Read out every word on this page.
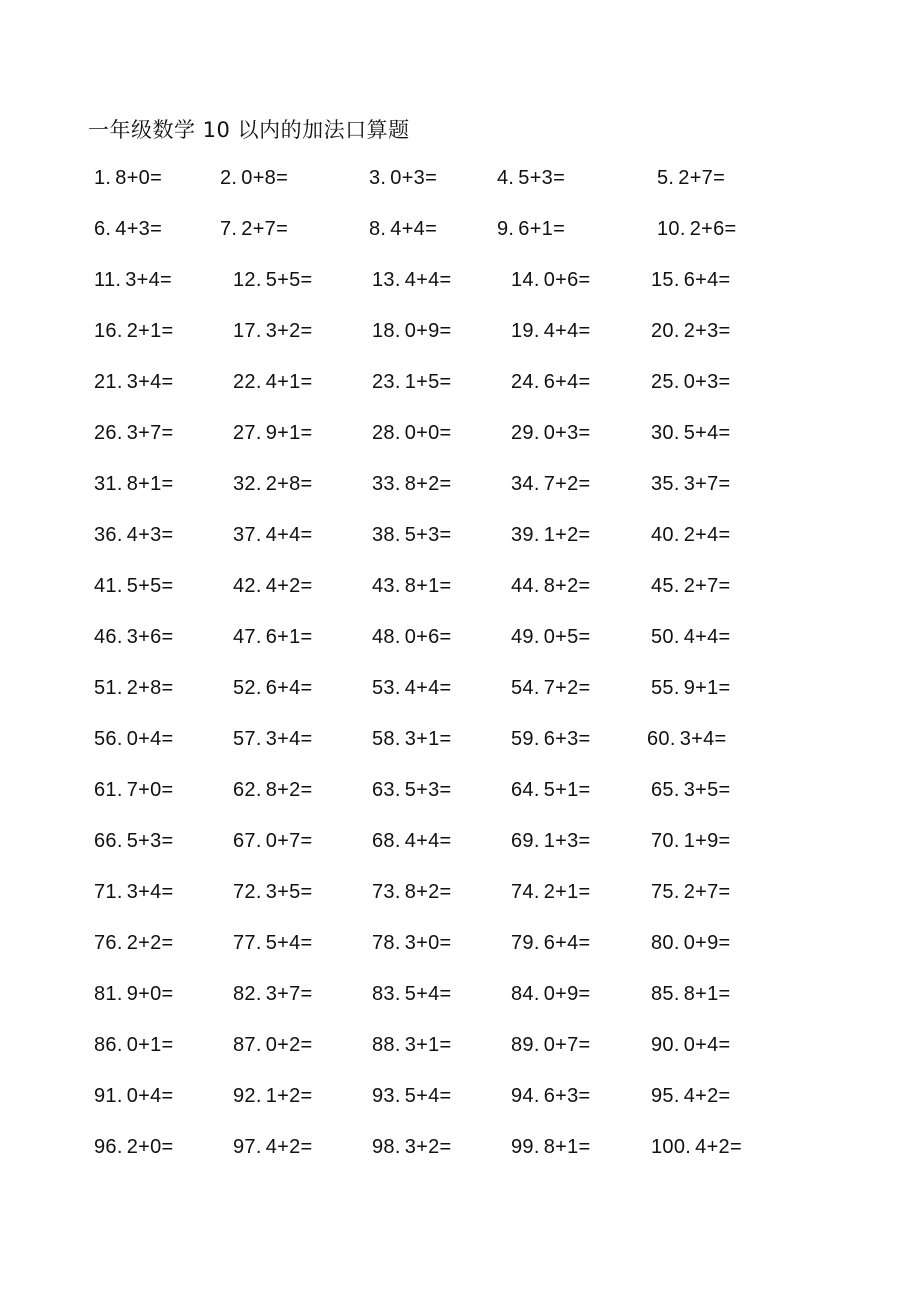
一年级数学 10 以内的加法口算题
1. 8+0=	2. 0+8=	3. 0+3=	4. 5+3=	5. 2+7=
6. 4+3=	7. 2+7=	8. 4+4=	9. 6+1=	10. 2+6=
11. 3+4=	12. 5+5=	13. 4+4=	14. 0+6=	15. 6+4=
16. 2+1=	17. 3+2=	18. 0+9=	19. 4+4=	20. 2+3=
21. 3+4=	22. 4+1=	23. 1+5=	24. 6+4=	25. 0+3=
26. 3+7=	27. 9+1=	28. 0+0=	29. 0+3=	30. 5+4=
31. 8+1=	32. 2+8=	33. 8+2=	34. 7+2=	35. 3+7=
36. 4+3=	37. 4+4=	38. 5+3=	39. 1+2=	40. 2+4=
41. 5+5=	42. 4+2=	43. 8+1=	44. 8+2=	45. 2+7=
46. 3+6=	47. 6+1=	48. 0+6=	49. 0+5=	50. 4+4=
51. 2+8=	52. 6+4=	53. 4+4=	54. 7+2=	55. 9+1=
56. 0+4=	57. 3+4=	58. 3+1=	59. 6+3=	60. 3+4=
61. 7+0=	62. 8+2=	63. 5+3=	64. 5+1=	65. 3+5=
66. 5+3=	67. 0+7=	68. 4+4=	69. 1+3=	70. 1+9=
71. 3+4=	72. 3+5=	73. 8+2=	74. 2+1=	75. 2+7=
76. 2+2=	77. 5+4=	78. 3+0=	79. 6+4=	80. 0+9=
81. 9+0=	82. 3+7=	83. 5+4=	84. 0+9=	85. 8+1=
86. 0+1=	87. 0+2=	88. 3+1=	89. 0+7=	90. 0+4=
91. 0+4=	92. 1+2=	93. 5+4=	94. 6+3=	95. 4+2=
96. 2+0=	97. 4+2=	98. 3+2=	99. 8+1=	100. 4+2=
